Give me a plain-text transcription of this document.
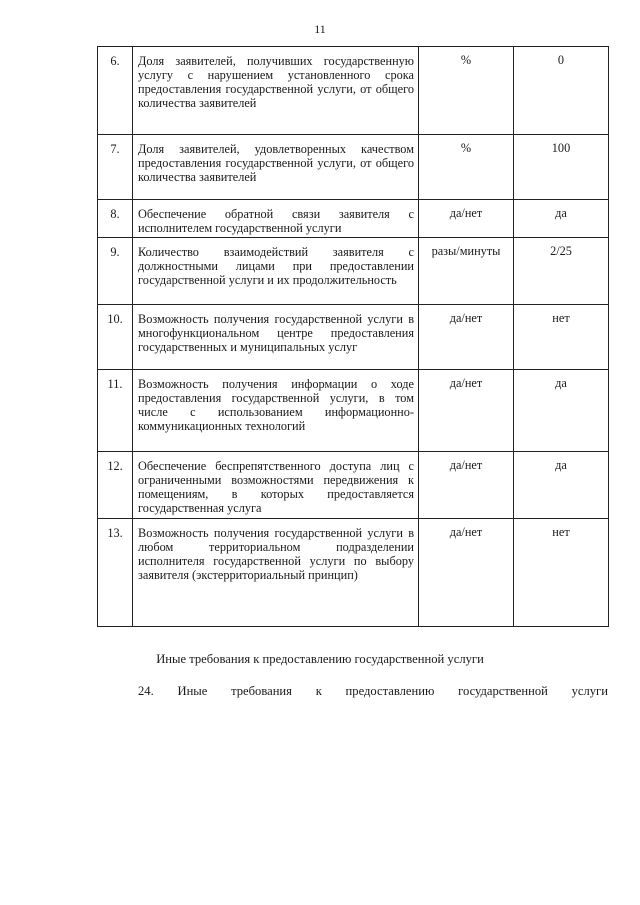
11
6.	Доля заявителей, получивших государственную услугу с нарушением установленного срока предоставления государственной услуги, от общего количества заявителей	%	0
7.	Доля заявителей, удовлетворенных качеством предоставления государственной услуги, от общего количества заявителей	%	100
8.	Обеспечение обратной связи заявителя с исполнителем государственной услуги	да/нет	да
9.	Количество взаимодействий заявителя с должностными лицами при предоставлении государственной услуги и их продолжительность	разы/минуты	2/25
10.	Возможность получения государственной услуги в многофункциональном центре предоставления государственных и муниципальных услуг	да/нет	нет
11.	Возможность получения информации о ходе предоставления государственной услуги, в том числе с использованием информационно-коммуникационных технологий	да/нет	да
12.	Обеспечение беспрепятственного доступа лиц с ограниченными возможностями передвижения к помещениям, в которых предоставляется государственная услуга	да/нет	да
13.	Возможность получения государственной услуги в любом территориальном подразделении исполнителя государственной услуги по выбору заявителя (экстерриториальный принцип)	да/нет	нет
Иные требования к предоставлению государственной услуги
24. Иные требования к предоставлению государственной услуги
